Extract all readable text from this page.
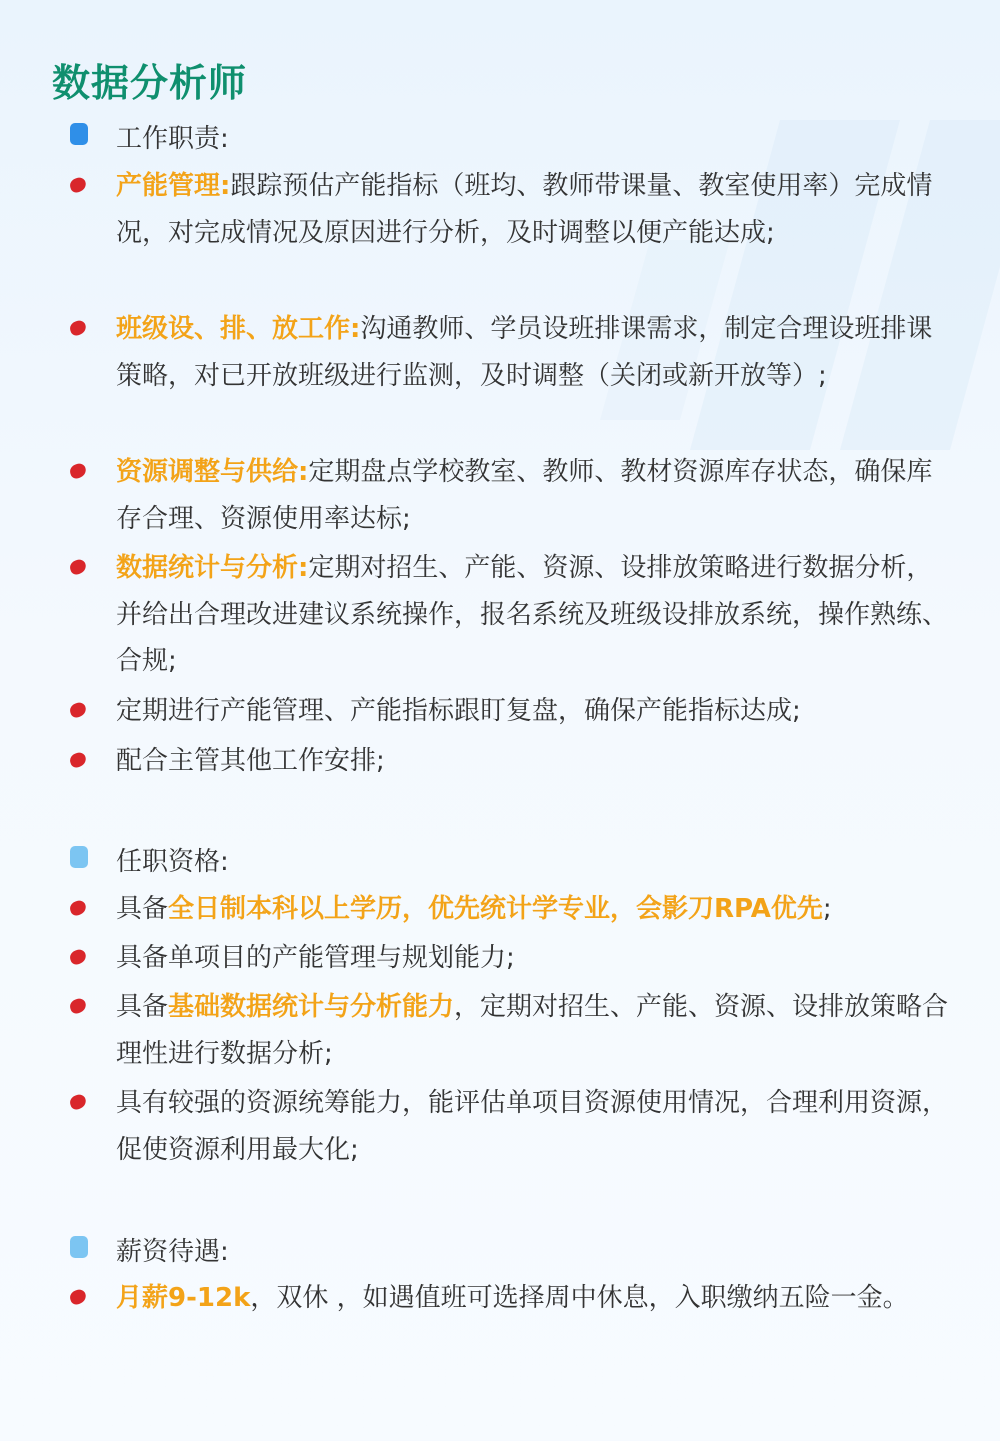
数据分析师
工作职责:
产能管理:跟踪预估产能指标（班均、教师带课量、教室使用率）完成情况，对完成情况及原因进行分析，及时调整以便产能达成;
班级设、排、放工作:沟通教师、学员设班排课需求，制定合理设班排课策略，对已开放班级进行监测，及时调整（关闭或新开放等）;
资源调整与供给:定期盘点学校教室、教师、教材资源库存状态，确保库存合理、资源使用率达标;
数据统计与分析:定期对招生、产能、资源、设排放策略进行数据分析，并给出合理改进建议系统操作，报名系统及班级设排放系统，操作熟练、合规;
定期进行产能管理、产能指标跟盯复盘，确保产能指标达成;
配合主管其他工作安排;
任职资格:
具备全日制本科以上学历，优先统计学专业，会影刀RPA优先;
具备单项目的产能管理与规划能力;
具备基础数据统计与分析能力，定期对招生、产能、资源、设排放策略合理性进行数据分析;
具有较强的资源统筹能力，能评估单项目资源使用情况，合理利用资源，促使资源利用最大化;
薪资待遇:
月薪9-12k，双休 ，如遇值班可选择周中休息，入职缴纳五险一金。
